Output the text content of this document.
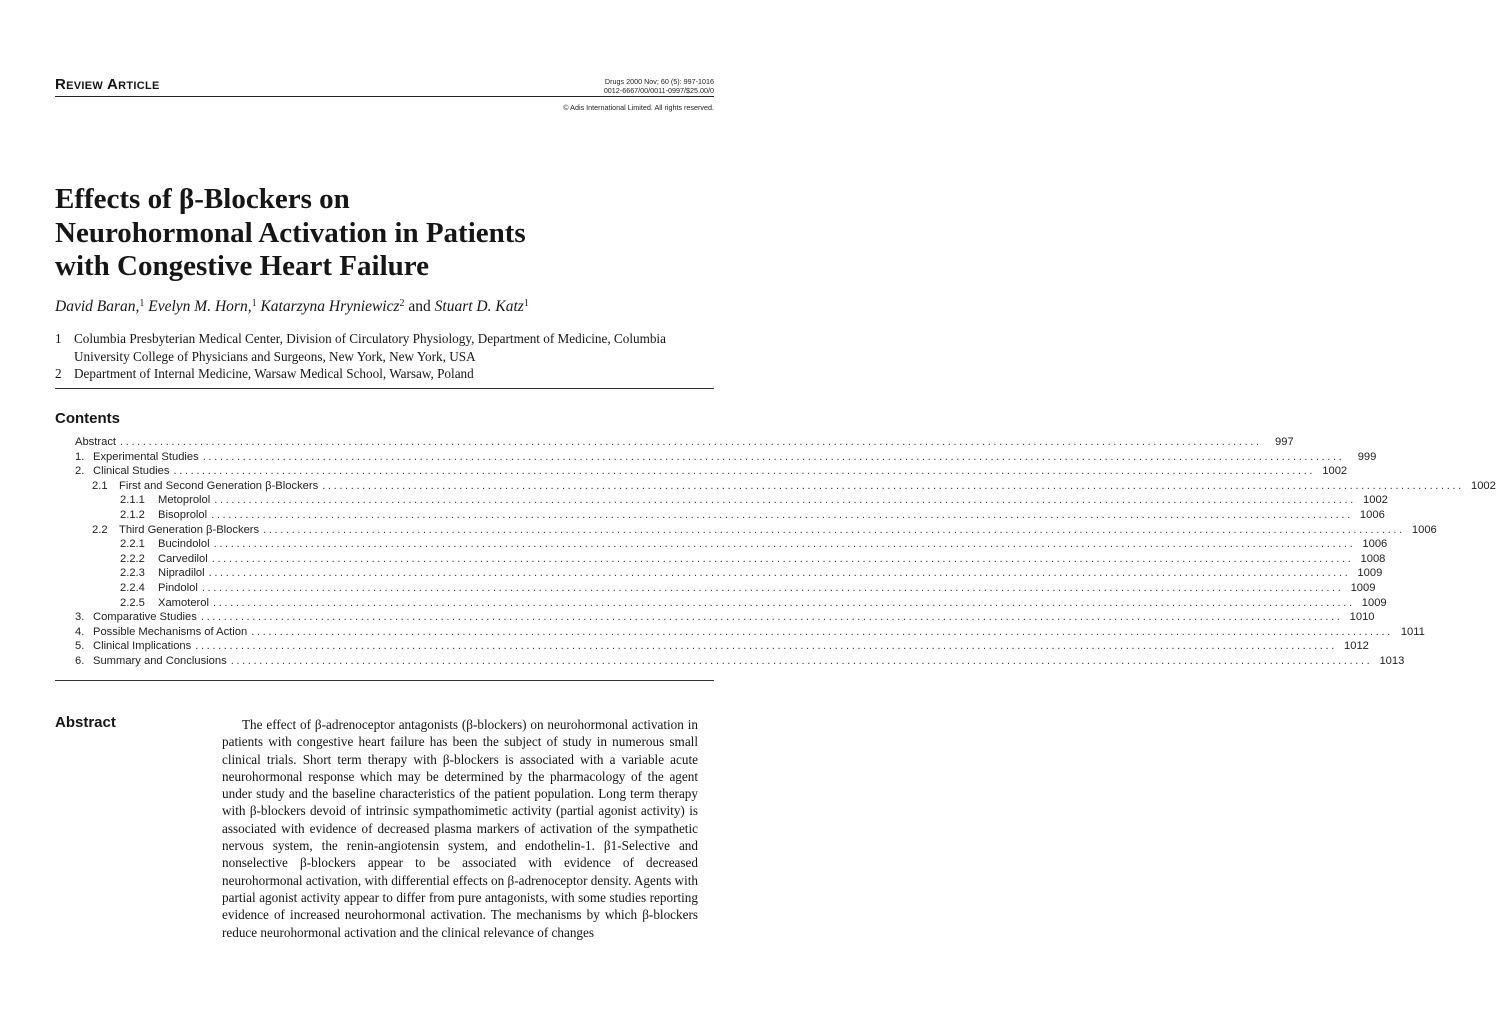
Review Article	Drugs 2000 Nov; 60 (5): 997-1016
0012-6667/00/0011-0997/$25.00/0
© Adis International Limited. All rights reserved.
Effects of β-Blockers on
Neurohormonal Activation in Patients
with Congestive Heart Failure
David Baran,$^1$ Evelyn M. Horn,$^1$ Katarzyna Hryniewicz$^2$ and Stuart D. Katz$^1$
1 Columbia Presbyterian Medical Center, Division of Circulatory Physiology, Department of Medicine, Columbia University College of Physicians and Surgeons, New York, New York, USA
2 Department of Internal Medicine, Warsaw Medical School, Warsaw, Poland
Contents
Abstract ........................................................................................................................................................................................................	997
1. Experimental Studies ........................................................................................................................................................................................................	999
2. Clinical Studies ........................................................................................................................................................................................................ 1002
2.1 First and Second Generation β-Blockers ........................................................................................................................................................................................................ 1002
2.1.1 Metoprolol ........................................................................................................................................................................................................ 1002
2.1.2 Bisoprolol ........................................................................................................................................................................................................ 1006
2.2 Third Generation β-Blockers ........................................................................................................................................................................................................ 1006
2.2.1 Bucindolol ........................................................................................................................................................................................................ 1006
2.2.2 Carvedilol ........................................................................................................................................................................................................ 1008
2.2.3 Nipradilol ........................................................................................................................................................................................................ 1009
2.2.4 Pindolol ........................................................................................................................................................................................................ 1009
2.2.5 Xamoterol ........................................................................................................................................................................................................ 1009
3. Comparative Studies ........................................................................................................................................................................................................ 1010
4. Possible Mechanisms of Action ........................................................................................................................................................................................................ 1011
5. Clinical Implications ........................................................................................................................................................................................................ 1012
6. Summary and Conclusions ........................................................................................................................................................................................................ 1013
Abstract	The effect of β-adrenoceptor antagonists (β-blockers) on neurohormonal activation in patients with congestive heart failure has been the subject of study in numerous small clinical trials. Short term therapy with β-blockers is associated with a variable acute neurohormonal response which may be determined by the pharmacology of the agent under study and the baseline characteristics of the patient population. Long term therapy with β-blockers devoid of intrinsic sympathomimetic activity (partial agonist activity) is associated with evidence of decreased plasma markers of activation of the sympathetic nervous system, the renin-angiotensin system, and endothelin-1. β1-Selective and nonselective β-blockers appear to be associated with evidence of decreased neurohormonal activation, with differential effects on β-adrenoceptor density. Agents with partial agonist activity appear to differ from pure antagonists, with some studies reporting evidence of increased neurohormonal activation. The mechanisms by which β-blockers reduce neurohormonal activation and the clinical relevance of changes
